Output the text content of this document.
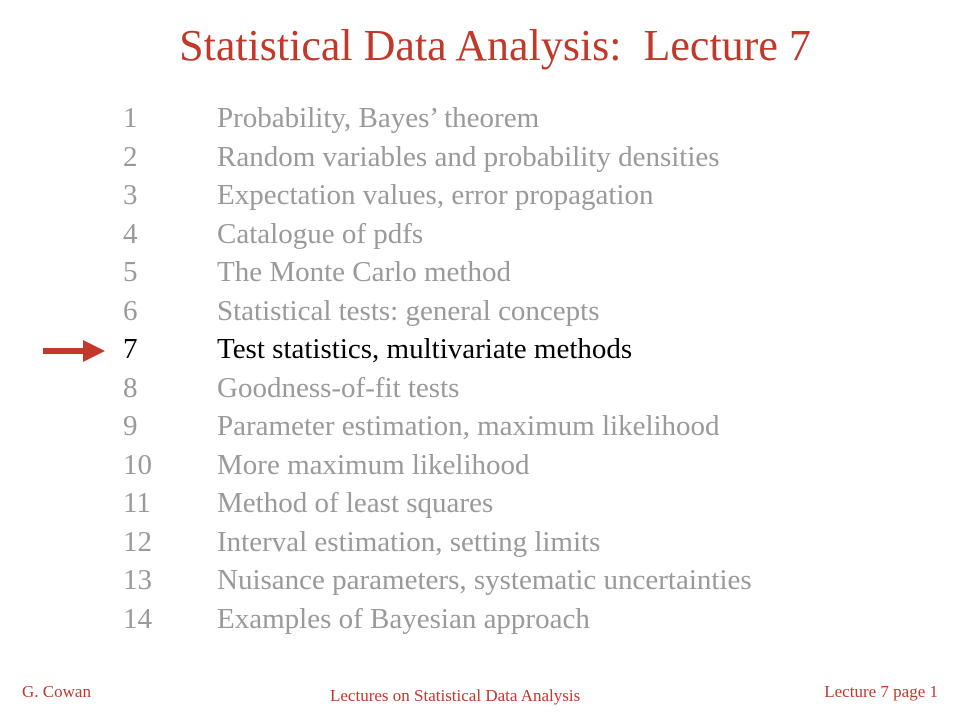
Statistical Data Analysis:  Lecture 7
1	Probability, Bayes’ theorem
2	Random variables and probability densities
3	Expectation values, error propagation
4	Catalogue of pdfs
5	The Monte Carlo method
6	Statistical tests: general concepts
7	Test statistics, multivariate methods
8	Goodness-of-fit tests
9	Parameter estimation, maximum likelihood
10 More maximum likelihood
11 Method of least squares
12 Interval estimation, setting limits
13 Nuisance parameters, systematic uncertainties
14 Examples of Bayesian approach
G. Cowan	Lectures on Statistical Data Analysis	Lecture 7 page 1
